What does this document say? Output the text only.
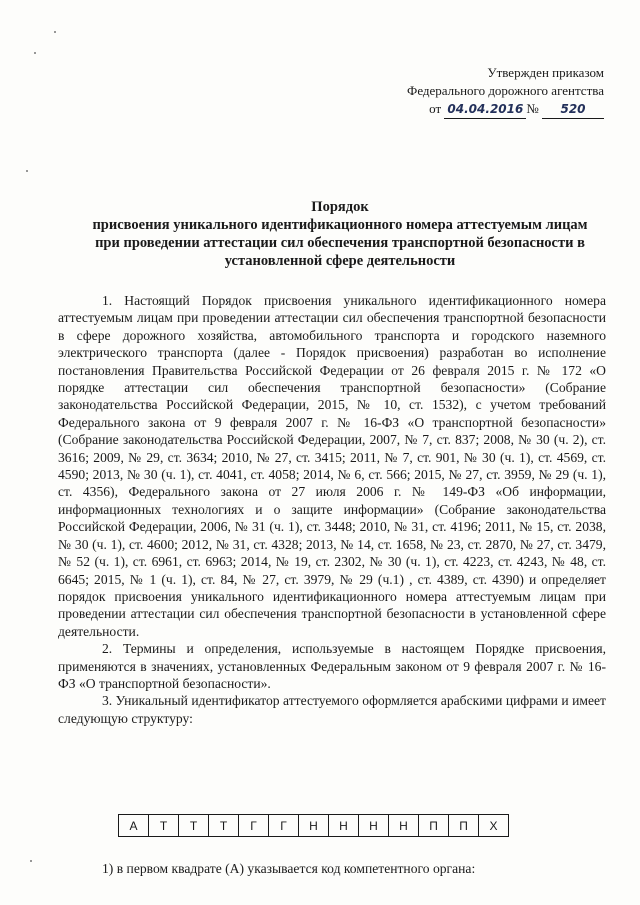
Утвержден приказом
Федерального дорожного агентства
от 04.04.2016 № 520
Порядок
присвоения уникального идентификационного номера аттестуемым лицам при проведении аттестации сил обеспечения транспортной безопасности в установленной сфере деятельности

1. Настоящий Порядок присвоения уникального идентификационного номера аттестуемым лицам при проведении аттестации сил обеспечения транспортной безопасности в сфере дорожного хозяйства, автомобильного транспорта и городского наземного электрического транспорта (далее - Порядок присвоения) разработан во исполнение постановления Правительства Российской Федерации от 26 февраля 2015 г. № 172 «О порядке аттестации сил обеспечения транспортной безопасности» (Собрание законодательства Российской Федерации, 2015, № 10, ст. 1532), с учетом требований Федерального закона от 9 февраля 2007 г. № 16-ФЗ «О транспортной безопасности» (Собрание законодательства Российской Федерации, 2007, № 7, ст. 837; 2008, № 30 (ч. 2), ст. 3616; 2009, № 29, ст. 3634; 2010, № 27, ст. 3415; 2011, № 7, ст. 901, № 30 (ч. 1), ст. 4569, ст. 4590; 2013, № 30 (ч. 1), ст. 4041, ст. 4058; 2014, № 6, ст. 566; 2015, № 27, ст. 3959, № 29 (ч. 1), ст. 4356), Федерального закона от 27 июля 2006 г. № 149-ФЗ «Об информации, информационных технологиях и о защите информации» (Собрание законодательства Российской Федерации, 2006, № 31 (ч. 1), ст. 3448; 2010, № 31, ст. 4196; 2011, № 15, ст. 2038, № 30 (ч. 1), ст. 4600; 2012, № 31, ст. 4328; 2013, № 14, ст. 1658, № 23, ст. 2870, № 27, ст. 3479, № 52 (ч. 1), ст. 6961, ст. 6963; 2014, № 19, ст. 2302, № 30 (ч. 1), ст. 4223, ст. 4243, № 48, ст. 6645; 2015, № 1 (ч. 1), ст. 84, № 27, ст. 3979, № 29 (ч.1) , ст. 4389, ст. 4390) и определяет порядок присвоения уникального идентификационного номера аттестуемым лицам при проведении аттестации сил обеспечения транспортной безопасности в установленной сфере деятельности.

2. Термины и определения, используемые в настоящем Порядке присвоения, применяются в значениях, установленных Федеральным законом от 9 февраля 2007 г. № 16-ФЗ «О транспортной безопасности».

3. Уникальный идентификатор аттестуемого оформляется арабскими цифрами и имеет следующую структуру:

А	Т	Т	Т	Г	Г	Н	Н	Н	Н	П	П	Х
1) в первом квадрате (А) указывается код компетентного органа:
